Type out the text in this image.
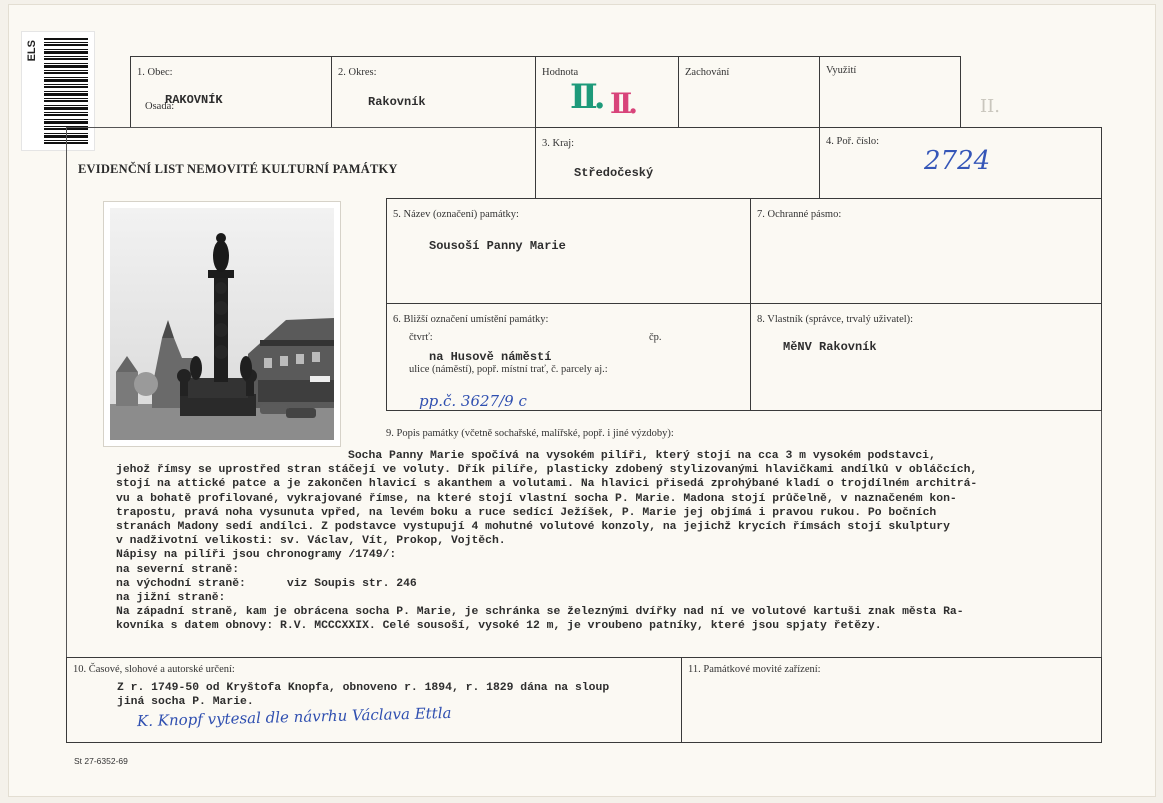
ELS
1. Obec:
Osada:
RAKOVNÍK
2. Okres:
Rakovník
Hodnota
II. II.
Zachování	Využití
II.
EVIDENČNÍ LIST NEMOVITÉ KULTURNÍ PAMÁTKY
3. Kraj:
Středočeský
4. Poř. číslo:
2724
5. Název (označení) památky:
Sousoší Panny Marie
7. Ochranné pásmo:
6. Bližší označení umístění památky:
čtvrť:	čp.
na Husově náměstí
ulice (náměstí), popř. místní trať, č. parcely aj.:
pp.č. 3627/9 c
8. Vlastník (správce, trvalý uživatel):
MěNV Rakovník
9. Popis památky (včetně sochařské, malířské, popř. i jiné výzdoby):
Socha Panny Marie spočívá na vysokém pilíři, který stojí na cca 3 m vysokém podstavci,
jehož římsy se uprostřed stran stáčejí ve voluty. Dřík pilíře, plasticky zdobený stylizovanými hlavičkami andílků v obláčcích,
stojí na attické patce a je zakončen hlavicí s akanthem a volutami. Na hlavici přisedá zprohýbané kladí o trojdílném architrá-
vu a bohatě profilované, vykrajované římse, na které stojí vlastní socha P. Marie. Madona stojí průčelně, v naznačeném kon-
trapostu, pravá noha vysunuta vpřed, na levém boku a ruce sedící Ježíšek, P. Marie jej objímá i pravou rukou. Po bočních
stranách Madony sedí andílci. Z podstavce vystupují 4 mohutné volutové konzoly, na jejichž krycích římsách stojí skulptury
v nadživotní velikosti: sv. Václav, Vít, Prokop, Vojtěch.
Nápisy na pilíři jsou chronogramy /1749/:
na severní straně:
na východní straně:      viz Soupis str. 246
na jižní straně:
Na západní straně, kam je obrácena socha P. Marie, je schránka se železnými dvířky nad ní ve volutové kartuši znak města Ra-
kovníka s datem obnovy: R.V. MCCCXXIX. Celé sousoší, vysoké 12 m, je vroubeno patníky, které jsou spjaty řetězy.
10. Časové, slohové a autorské určení:
Z r. 1749-50 od Kryštofa Knopfa, obnoveno r. 1894, r. 1829 dána na sloup
jiná socha P. Marie.
K. Knopf vytesal dle návrhu Václava Ettla
11. Památkové movité zařízení:
St 27-6352-69
